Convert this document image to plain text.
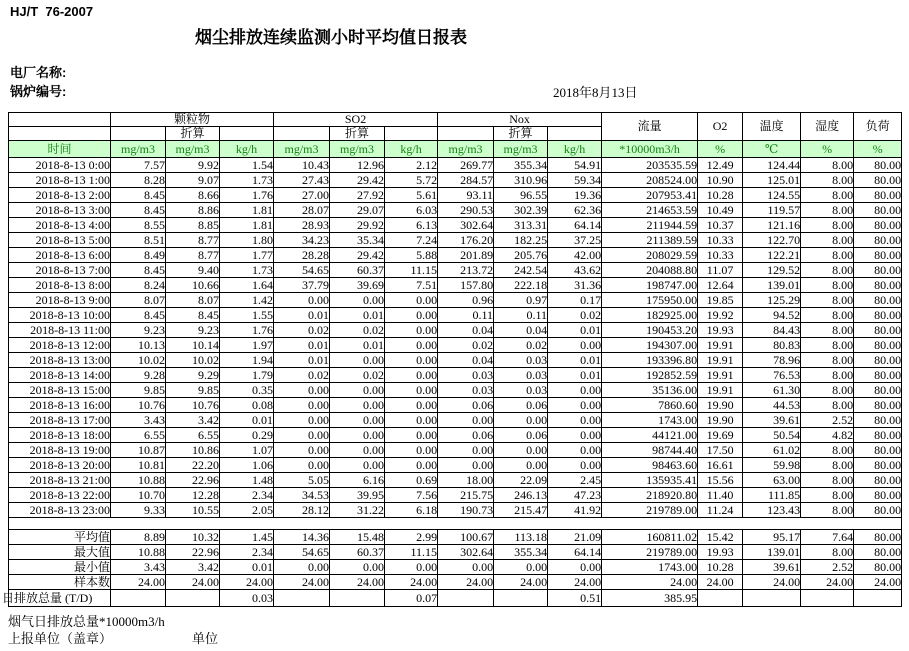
HJ/T  76-2007
烟尘排放连续监测小时平均值日报表
电厂名称:
锅炉编号:	2018年8月13日
	颗粒物			SO2			Nox			流量	O2	温度	湿度	负荷
		折算			折算			折算						
时间	mg/m3	mg/m3	kg/h	mg/m3	mg/m3	kg/h	mg/m3	mg/m3	kg/h	*10000m3/h	%	℃	%	%
2018-8-13 0:00	7.57	9.92	1.54	10.43	12.96	2.12	269.77	355.34	54.91	203535.59	12.49	124.44	8.00	80.00
2018-8-13 1:00	8.28	9.07	1.73	27.43	29.42	5.72	284.57	310.96	59.34	208524.00	10.90	125.01	8.00	80.00
2018-8-13 2:00	8.45	8.66	1.76	27.00	27.92	5.61	93.11	96.55	19.36	207953.41	10.28	124.55	8.00	80.00
2018-8-13 3:00	8.45	8.86	1.81	28.07	29.07	6.03	290.53	302.39	62.36	214653.59	10.49	119.57	8.00	80.00
2018-8-13 4:00	8.55	8.85	1.81	28.93	29.92	6.13	302.64	313.31	64.14	211944.59	10.37	121.16	8.00	80.00
2018-8-13 5:00	8.51	8.77	1.80	34.23	35.34	7.24	176.20	182.25	37.25	211389.59	10.33	122.70	8.00	80.00
2018-8-13 6:00	8.49	8.77	1.77	28.28	29.42	5.88	201.89	205.76	42.00	208029.59	10.33	122.21	8.00	80.00
2018-8-13 7:00	8.45	9.40	1.73	54.65	60.37	11.15	213.72	242.54	43.62	204088.80	11.07	129.52	8.00	80.00
2018-8-13 8:00	8.24	10.66	1.64	37.79	39.69	7.51	157.80	222.18	31.36	198747.00	12.64	139.01	8.00	80.00
2018-8-13 9:00	8.07	8.07	1.42	0.00	0.00	0.00	0.96	0.97	0.17	175950.00	19.85	125.29	8.00	80.00
2018-8-13 10:00	8.45	8.45	1.55	0.01	0.01	0.00	0.11	0.11	0.02	182925.00	19.92	94.52	8.00	80.00
2018-8-13 11:00	9.23	9.23	1.76	0.02	0.02	0.00	0.04	0.04	0.01	190453.20	19.93	84.43	8.00	80.00
2018-8-13 12:00	10.13	10.14	1.97	0.01	0.01	0.00	0.02	0.02	0.00	194307.00	19.91	80.83	8.00	80.00
2018-8-13 13:00	10.02	10.02	1.94	0.01	0.00	0.00	0.04	0.03	0.01	193396.80	19.91	78.96	8.00	80.00
2018-8-13 14:00	9.28	9.29	1.79	0.02	0.02	0.00	0.03	0.03	0.01	192852.59	19.91	76.53	8.00	80.00
2018-8-13 15:00	9.85	9.85	0.35	0.00	0.00	0.00	0.03	0.03	0.00	35136.00	19.91	61.30	8.00	80.00
2018-8-13 16:00	10.76	10.76	0.08	0.00	0.00	0.00	0.06	0.06	0.00	7860.60	19.90	44.53	8.00	80.00
2018-8-13 17:00	3.43	3.42	0.01	0.00	0.00	0.00	0.00	0.00	0.00	1743.00	19.90	39.61	2.52	80.00
2018-8-13 18:00	6.55	6.55	0.29	0.00	0.00	0.00	0.06	0.06	0.00	44121.00	19.69	50.54	4.82	80.00
2018-8-13 19:00	10.87	10.86	1.07	0.00	0.00	0.00	0.00	0.00	0.00	98744.40	17.50	61.02	8.00	80.00
2018-8-13 20:00	10.81	22.20	1.06	0.00	0.00	0.00	0.00	0.00	0.00	98463.60	16.61	59.98	8.00	80.00
2018-8-13 21:00	10.88	22.96	1.48	5.05	6.16	0.69	18.00	22.09	2.45	135935.41	15.56	63.00	8.00	80.00
2018-8-13 22:00	10.70	12.28	2.34	34.53	39.95	7.56	215.75	246.13	47.23	218920.80	11.40	111.85	8.00	80.00
2018-8-13 23:00	9.33	10.55	2.05	28.12	31.22	6.18	190.73	215.47	41.92	219789.00	11.24	123.43	8.00	80.00

平均值	8.89	10.32	1.45	14.36	15.48	2.99	100.67	113.18	21.09	160811.02	15.42	95.17	7.64	80.00
最大值	10.88	22.96	2.34	54.65	60.37	11.15	302.64	355.34	64.14	219789.00	19.93	139.01	8.00	80.00
最小值	3.43	3.42	0.01	0.00	0.00	0.00	0.00	0.00	0.00	1743.00	10.28	39.61	2.52	80.00
样本数	24.00	24.00	24.00	24.00	24.00	24.00	24.00	24.00	24.00	24.00	24.00	24.00	24.00	24.00
日排放总量 (T/D)			0.03			0.07			0.51	385.95				
烟气日排放总量*10000m3/h
上报单位（盖章）	单位
